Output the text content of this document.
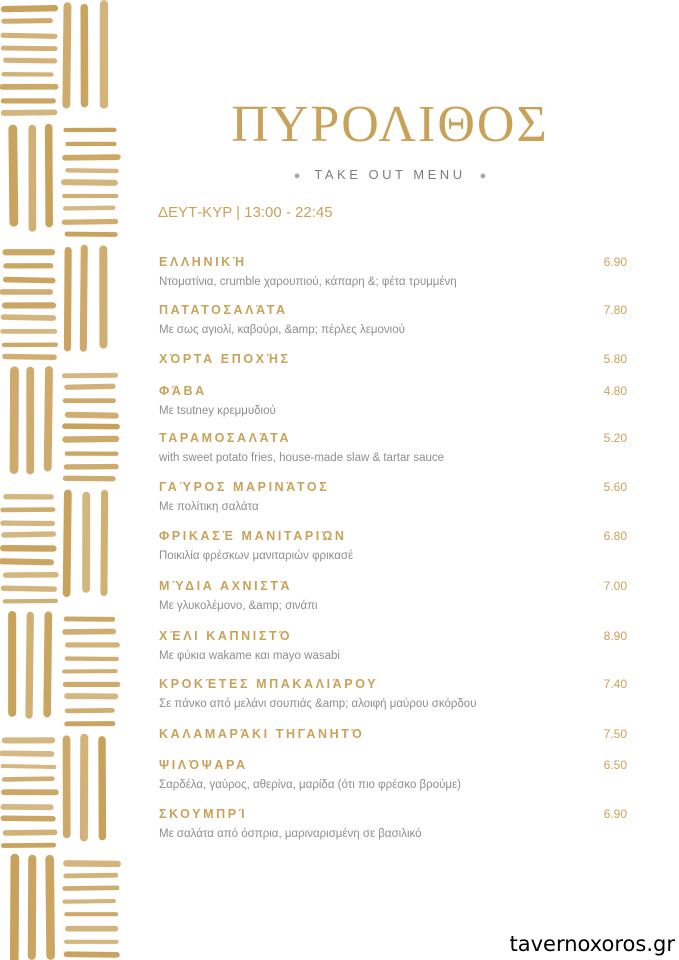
ΠΥΡΟΛΙΘΟΣ
● TAKE OUT MENU ●
ΔΕΥΤ-ΚΥΡ | 13:00 - 22:45
ΕΛΛΗΝΙΚΉ	6.90
Ντοματίνια, crumble χαρουπιού, κάπαρη &; φέτα τρυμμένη
ΠΑΤΑΤΟΣΑΛΆΤΑ	7.80
Με σως αγιολί, καβούρι, &amp; πέρλες λεμονιού
ΧΌΡΤΑ ΕΠΟΧΉΣ	5.80
ΦΆΒΑ	4.80
Με tsutney κρεμμυδιού
ΤΑΡΑΜΟΣΑΛΆΤΑ	5.20
with sweet potato fries, house-made slaw & tartar sauce
ΓΑΎΡΟΣ ΜΑΡΙΝΆΤΟΣ	5.60
Με πολίτικη σαλάτα
ΦΡΙΚΑΣΈ ΜΑΝΙΤΑΡΙΏΝ	6.80
Ποικιλία φρέσκων μανιταριών φρικασέ
ΜΎΔΙΑ ΑΧΝΙΣΤΆ	7.00
Με γλυκολέμονο, &amp; σινάπι
ΧΈΛΙ ΚΑΠΝΙΣΤΌ	8.90
Με φύκια wakame και mayo wasabi
ΚΡΟΚΈΤΕΣ ΜΠΑΚΑΛΙΆΡΟΥ	7.40
Σε πάνκο από μελάνι σουπιάς &amp; αλοιφή μαύρου σκόρδου
ΚΑΛΑΜΑΡΆΚΙ ΤΗΓΑΝΗΤΌ	7.50
ΨΙΛΌΨΑΡΑ	6.50
Σαρδέλα, γαύρος, αθερίνα, μαρίδα (ότι πιο φρέσκο βρούμε)
ΣΚΟΥΜΠΡΊ	6.90
Με σαλάτα από όσπρια, μαριναρισμένη σε βασιλικό
tavernoxoros.gr
